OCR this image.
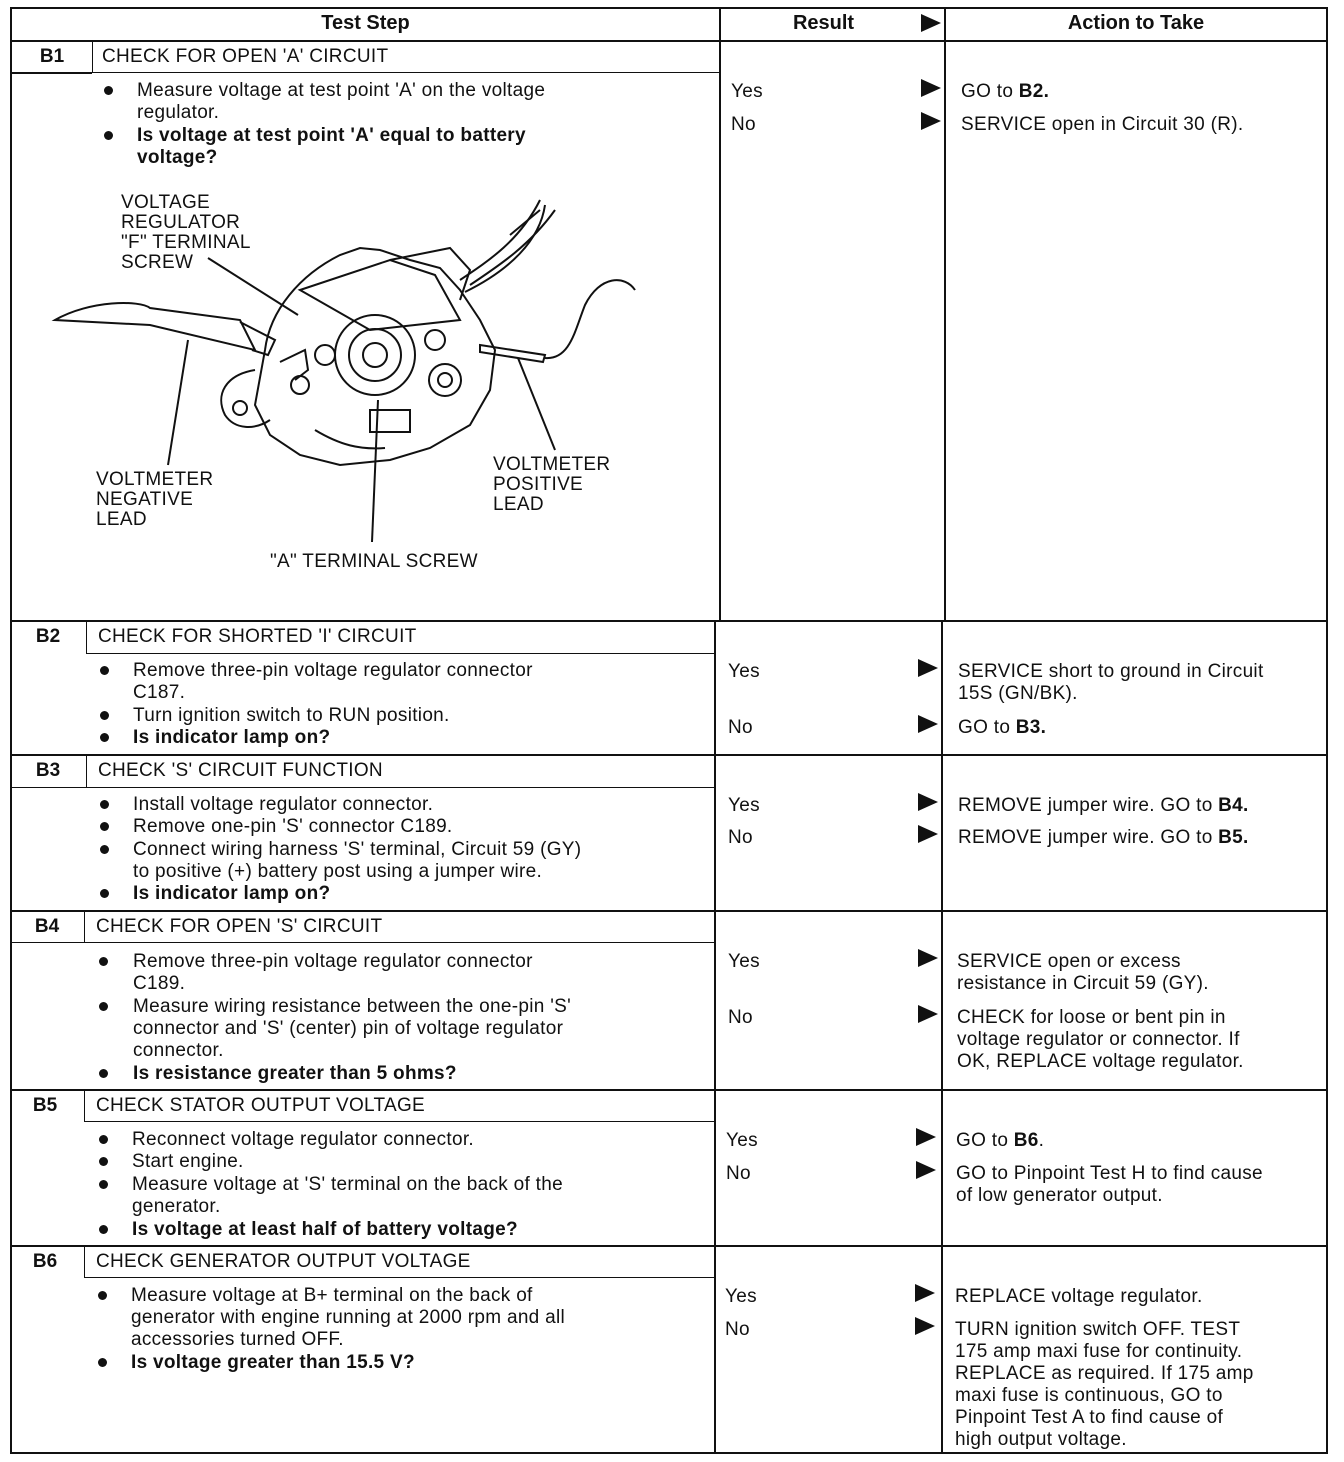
Test Step	Result	Action to Take
B1	CHECK FOR OPEN 'A' CIRCUIT
Measure voltage at test point 'A' on the voltage
regulator.
Is voltage at test point 'A' equal to battery
voltage?
Yes	GO to B2.
No	SERVICE open in Circuit 30 (R).
VOLTAGE
REGULATOR
"F" TERMINAL
SCREW
VOLTMETER
NEGATIVE
LEAD
VOLTMETER
POSITIVE
LEAD
"A" TERMINAL SCREW
B2	CHECK FOR SHORTED 'I' CIRCUIT
Remove three-pin voltage regulator connector
C187.
Turn ignition switch to RUN position.
Is indicator lamp on?
Yes	SERVICE short to ground in Circuit
15S (GN/BK).
No	GO to B3.
B3	CHECK 'S' CIRCUIT FUNCTION
Install voltage regulator connector.
Remove one-pin 'S' connector C189.
Connect wiring harness 'S' terminal, Circuit 59 (GY)
to positive (+) battery post using a jumper wire.
Is indicator lamp on?
Yes	REMOVE jumper wire. GO to B4.
No	REMOVE jumper wire. GO to B5.
B4	CHECK FOR OPEN 'S' CIRCUIT
Remove three-pin voltage regulator connector
C189.
Measure wiring resistance between the one-pin 'S'
connector and 'S' (center) pin of voltage regulator
connector.
Is resistance greater than 5 ohms?
Yes	SERVICE open or excess
resistance in Circuit 59 (GY).
No	CHECK for loose or bent pin in
voltage regulator or connector. If
OK, REPLACE voltage regulator.
B5	CHECK STATOR OUTPUT VOLTAGE
Reconnect voltage regulator connector.
Start engine.
Measure voltage at 'S' terminal on the back of the
generator.
Is voltage at least half of battery voltage?
Yes	GO to B6.
No	GO to Pinpoint Test H to find cause
of low generator output.
B6	CHECK GENERATOR OUTPUT VOLTAGE
Measure voltage at B+ terminal on the back of
generator with engine running at 2000 rpm and all
accessories turned OFF.
Is voltage greater than 15.5 V?
Yes	REPLACE voltage regulator.
No	TURN ignition switch OFF. TEST
175 amp maxi fuse for continuity.
REPLACE as required. If 175 amp
maxi fuse is continuous, GO to
Pinpoint Test A to find cause of
high output voltage.
